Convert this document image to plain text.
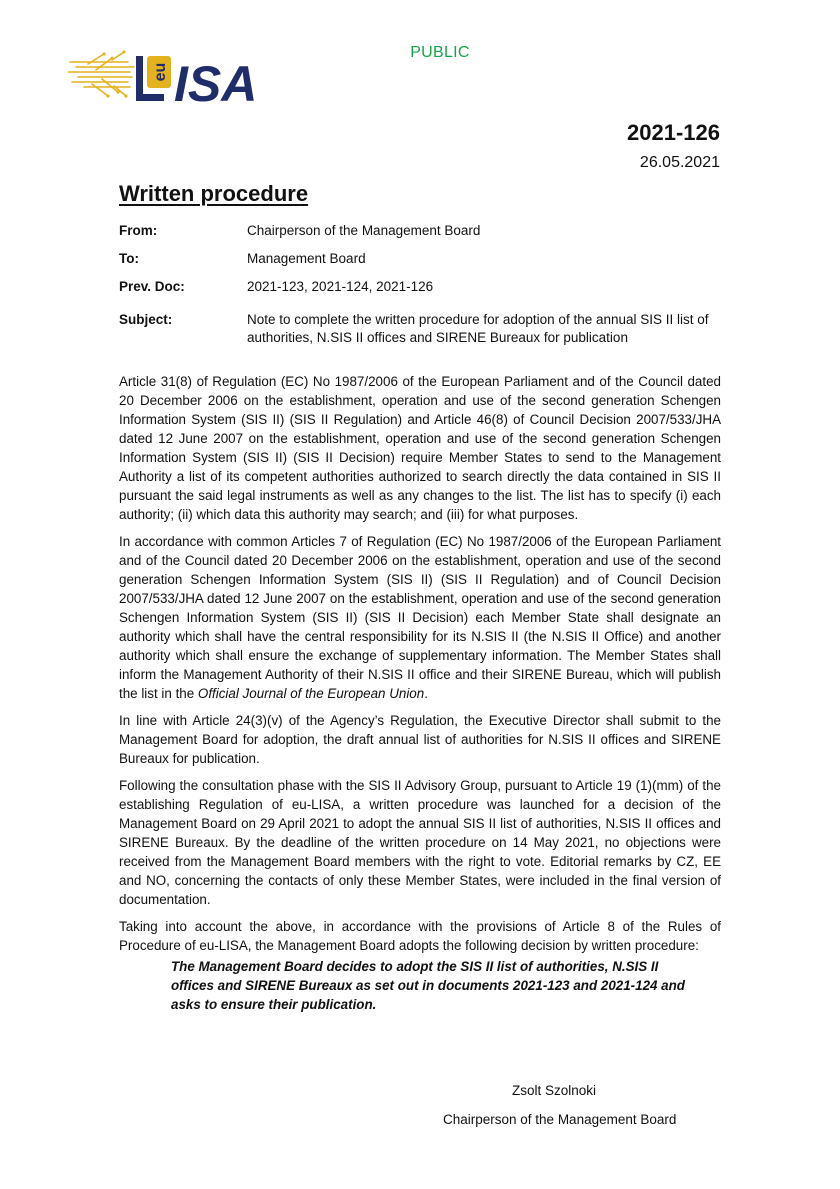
PUBLIC
eu ISA
2021-126
26.05.2021
Written procedure
From:	Chairperson of the Management Board
To:	Management Board
Prev. Doc:	2021-123, 2021-124, 2021-126
Subject:	Note to complete the written procedure for adoption of the annual SIS II list of authorities, N.SIS II offices and SIRENE Bureaux for publication

Article 31(8) of Regulation (EC) No 1987/2006 of the European Parliament and of the Council dated 20 December 2006 on the establishment, operation and use of the second generation Schengen Information System (SIS II) (SIS II Regulation) and Article 46(8) of Council Decision 2007/533/JHA dated 12 June 2007 on the establishment, operation and use of the second generation Schengen Information System (SIS II) (SIS II Decision) require Member States to send to the Management Authority a list of its competent authorities authorized to search directly the data contained in SIS II pursuant the said legal instruments as well as any changes to the list. The list has to specify (i) each authority; (ii) which data this authority may search; and (iii) for what purposes.

In accordance with common Articles 7 of Regulation (EC) No 1987/2006 of the European Parliament and of the Council dated 20 December 2006 on the establishment, operation and use of the second generation Schengen Information System (SIS II) (SIS II Regulation) and of Council Decision 2007/533/JHA dated 12 June 2007 on the establishment, operation and use of the second generation Schengen Information System (SIS II) (SIS II Decision) each Member State shall designate an authority which shall have the central responsibility for its N.SIS II (the N.SIS II Office) and another authority which shall ensure the exchange of supplementary information. The Member States shall inform the Management Authority of their N.SIS II office and their SIRENE Bureau, which will publish the list in the Official Journal of the European Union.

In line with Article 24(3)(v) of the Agency’s Regulation, the Executive Director shall submit to the Management Board for adoption, the draft annual list of authorities for N.SIS II offices and SIRENE Bureaux for publication.

Following the consultation phase with the SIS II Advisory Group, pursuant to Article 19 (1)(mm) of the establishing Regulation of eu-LISA, a written procedure was launched for a decision of the Management Board on 29 April 2021 to adopt the annual SIS II list of authorities, N.SIS II offices and SIRENE Bureaux. By the deadline of the written procedure on 14 May 2021, no objections were received from the Management Board members with the right to vote. Editorial remarks by CZ, EE and NO, concerning the contacts of only these Member States, were included in the final version of documentation.

Taking into account the above, in accordance with the provisions of Article 8 of the Rules of Procedure of eu-LISA, the Management Board adopts the following decision by written procedure:

The Management Board decides to adopt the SIS II list of authorities, N.SIS II offices and SIRENE Bureaux as set out in documents 2021-123 and 2021-124 and asks to ensure their publication.
Zsolt Szolnoki
Chairperson of the Management Board
